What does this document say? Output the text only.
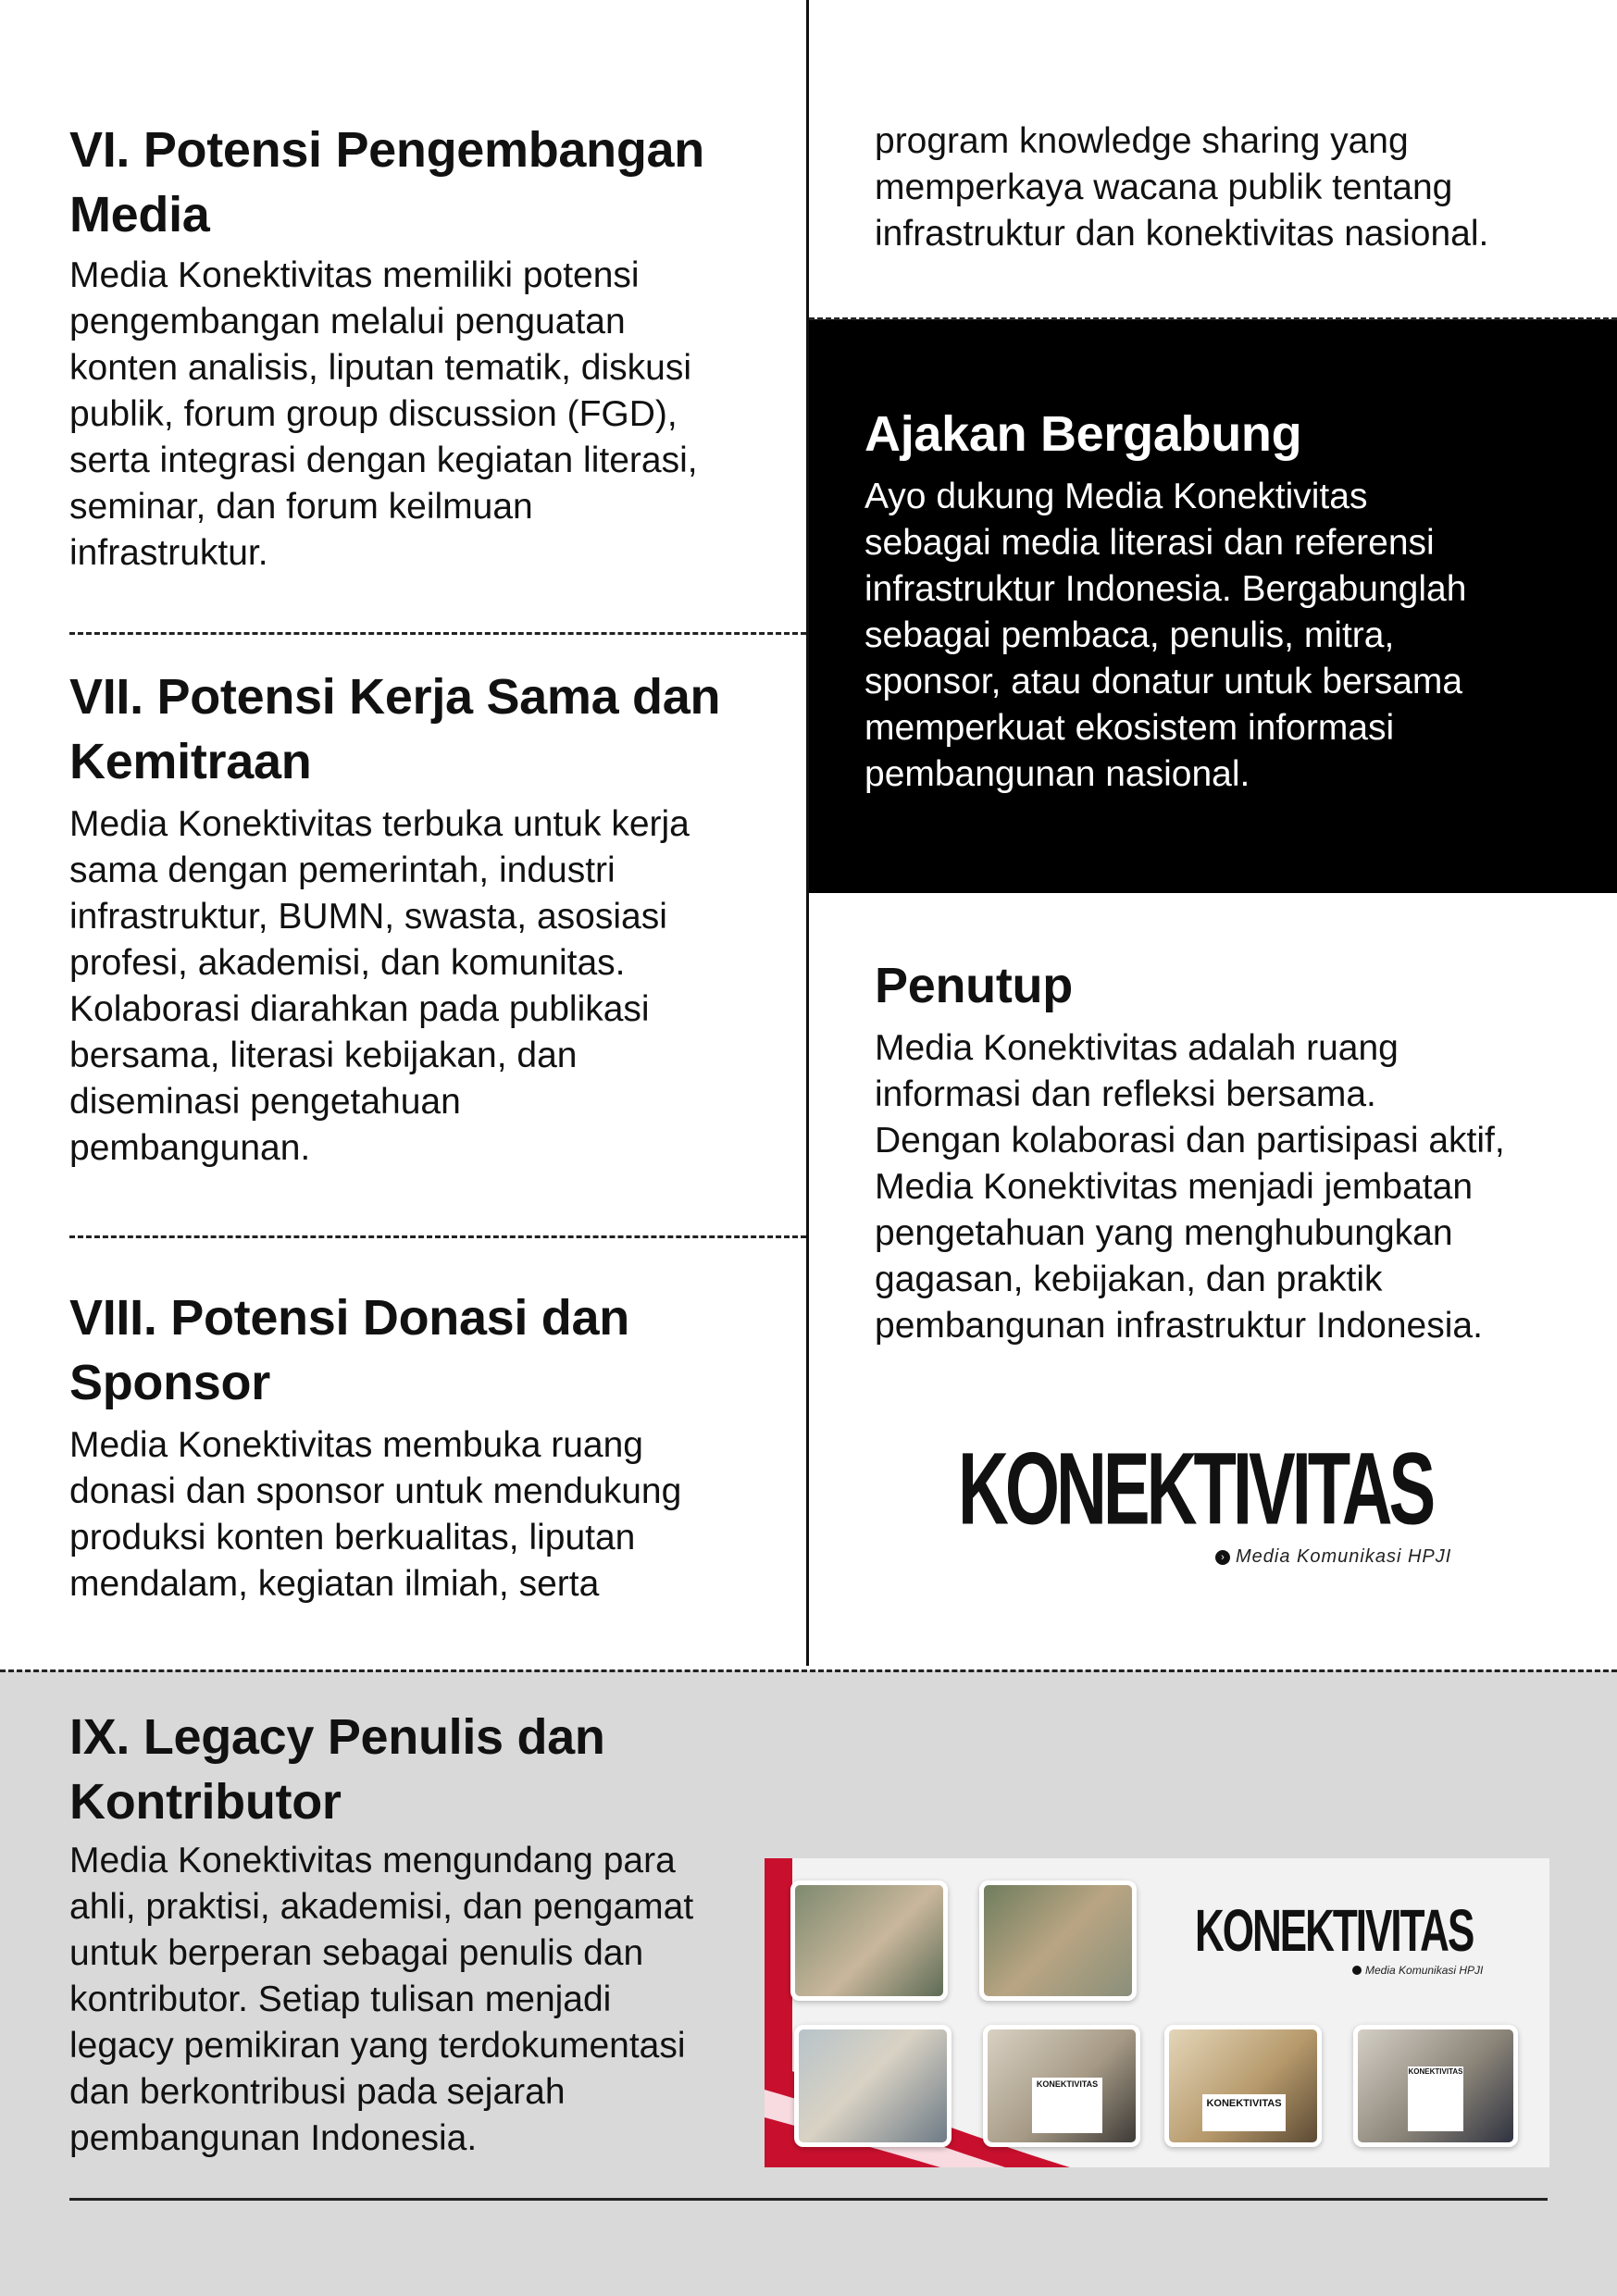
VI. Potensi Pengembangan
Media

Media Konektivitas memiliki potensi

pengembangan melalui penguatan

konten analisis, liputan tematik, diskusi

publik, forum group discussion (FGD),

serta integrasi dengan kegiatan literasi,

seminar, dan forum keilmuan

infrastruktur.

VII. Potensi Kerja Sama dan
Kemitraan

Media Konektivitas terbuka untuk kerja

sama dengan pemerintah, industri

infrastruktur, BUMN, swasta, asosiasi

profesi, akademisi, dan komunitas.

Kolaborasi diarahkan pada publikasi

bersama, literasi kebijakan, dan

diseminasi pengetahuan

pembangunan.

VIII. Potensi Donasi dan
Sponsor

Media Konektivitas membuka ruang

donasi dan sponsor untuk mendukung

produksi konten berkualitas, liputan

mendalam, kegiatan ilmiah, serta

program knowledge sharing yang

memperkaya wacana publik tentang

infrastruktur dan konektivitas nasional.

Ajakan Bergabung

Ayo dukung Media Konektivitas

sebagai media literasi dan referensi

infrastruktur Indonesia. Bergabunglah

sebagai pembaca, penulis, mitra,

sponsor, atau donatur untuk bersama

memperkuat ekosistem informasi

pembangunan nasional.

Penutup

Media Konektivitas adalah ruang

informasi dan refleksi bersama.

Dengan kolaborasi dan partisipasi aktif,

Media Konektivitas menjadi jembatan

pengetahuan yang menghubungkan

gagasan, kebijakan, dan praktik

pembangunan infrastruktur Indonesia.

KONEKTIVITAS
› Media Komunikasi HPJI
IX. Legacy Penulis dan
Kontributor

Media Konektivitas mengundang para

ahli, praktisi, akademisi, dan pengamat

untuk berperan sebagai penulis dan

kontributor. Setiap tulisan menjadi

legacy pemikiran yang terdokumentasi

dan berkontribusi pada sejarah

pembangunan Indonesia.

KONEKTIVITAS
KONEKTIVITAS
KONEKTIVITAS
KONEKTIVITAS
Media Komunikasi HPJI
